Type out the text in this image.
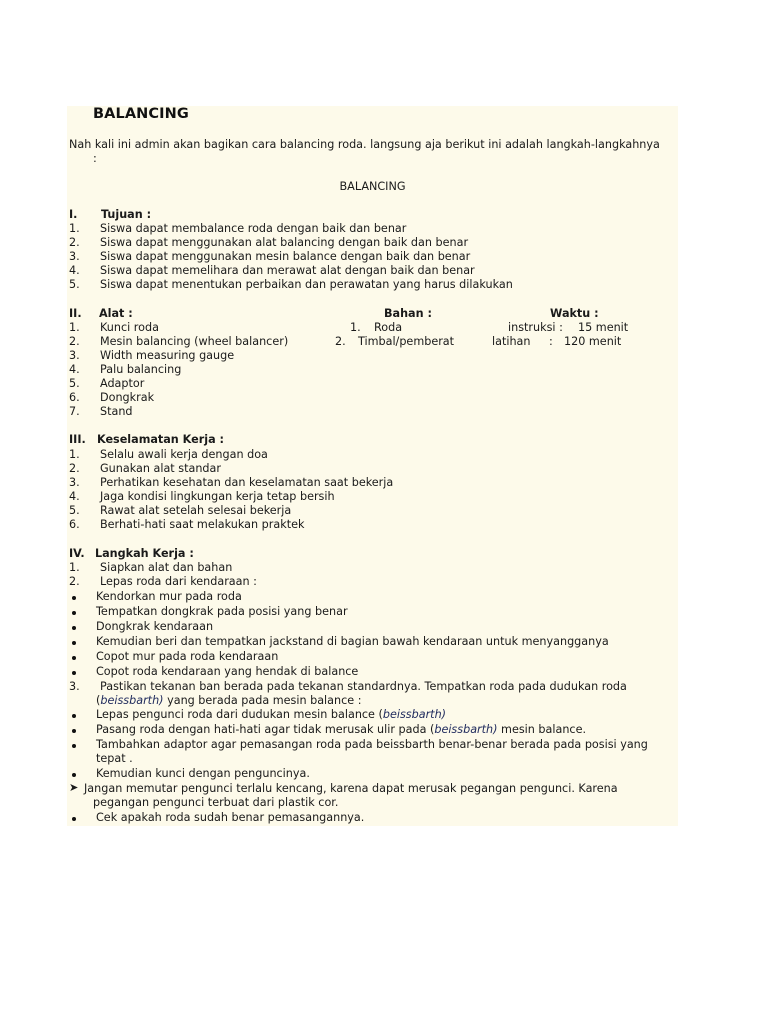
BALANCING
Nah kali ini admin akan bagikan cara balancing roda. langsung aja berikut ini adalah langkah-langkahnya
:
BALANCING
I. Tujuan :
1. Siswa dapat membalance roda dengan baik dan benar
2. Siswa dapat menggunakan alat balancing dengan baik dan benar
3. Siswa dapat menggunakan mesin balance dengan baik dan benar
4. Siswa dapat memelihara dan merawat alat dengan baik dan benar
5. Siswa dapat menentukan perbaikan dan perawatan yang harus dilakukan
II. Alat :	Bahan :	Waktu :
1. Kunci roda
2. Mesin balancing (wheel balancer)
3. Width measuring gauge
4. Palu balancing
5. Adaptor
6. Dongkrak
7. Stand
1. Roda
2. Timbal/pemberat
instruksi : 15 menit
latihan : 120 menit
III. Keselamatan Kerja :
1. Selalu awali kerja dengan doa
2. Gunakan alat standar
3. Perhatikan kesehatan dan keselamatan saat bekerja
4. Jaga kondisi lingkungan kerja tetap bersih
5. Rawat alat setelah selesai bekerja
6. Berhati-hati saat melakukan praktek
IV. Langkah Kerja :
1. Siapkan alat dan bahan
2. Lepas roda dari kendaraan :
Kendorkan mur pada roda
Tempatkan dongkrak pada posisi yang benar
Dongkrak kendaraan
Kemudian beri dan tempatkan jackstand di bagian bawah kendaraan untuk menyangganya
Copot mur pada roda kendaraan
Copot roda kendaraan yang hendak di balance
3. Pastikan tekanan ban berada pada tekanan standardnya. Tempatkan roda pada dudukan roda
(beissbarth) yang berada pada mesin balance :
Lepas pengunci roda dari dudukan mesin balance (beissbarth)
Pasang roda dengan hati-hati agar tidak merusak ulir pada (beissbarth) mesin balance.
Tambahkan adaptor agar pemasangan roda pada beissbarth benar-benar berada pada posisi yang
tepat .
Kemudian kunci dengan penguncinya.
➤ Jangan memutar pengunci terlalu kencang, karena dapat merusak pegangan pengunci. Karena
pegangan pengunci terbuat dari plastik cor.
Cek apakah roda sudah benar pemasangannya.
